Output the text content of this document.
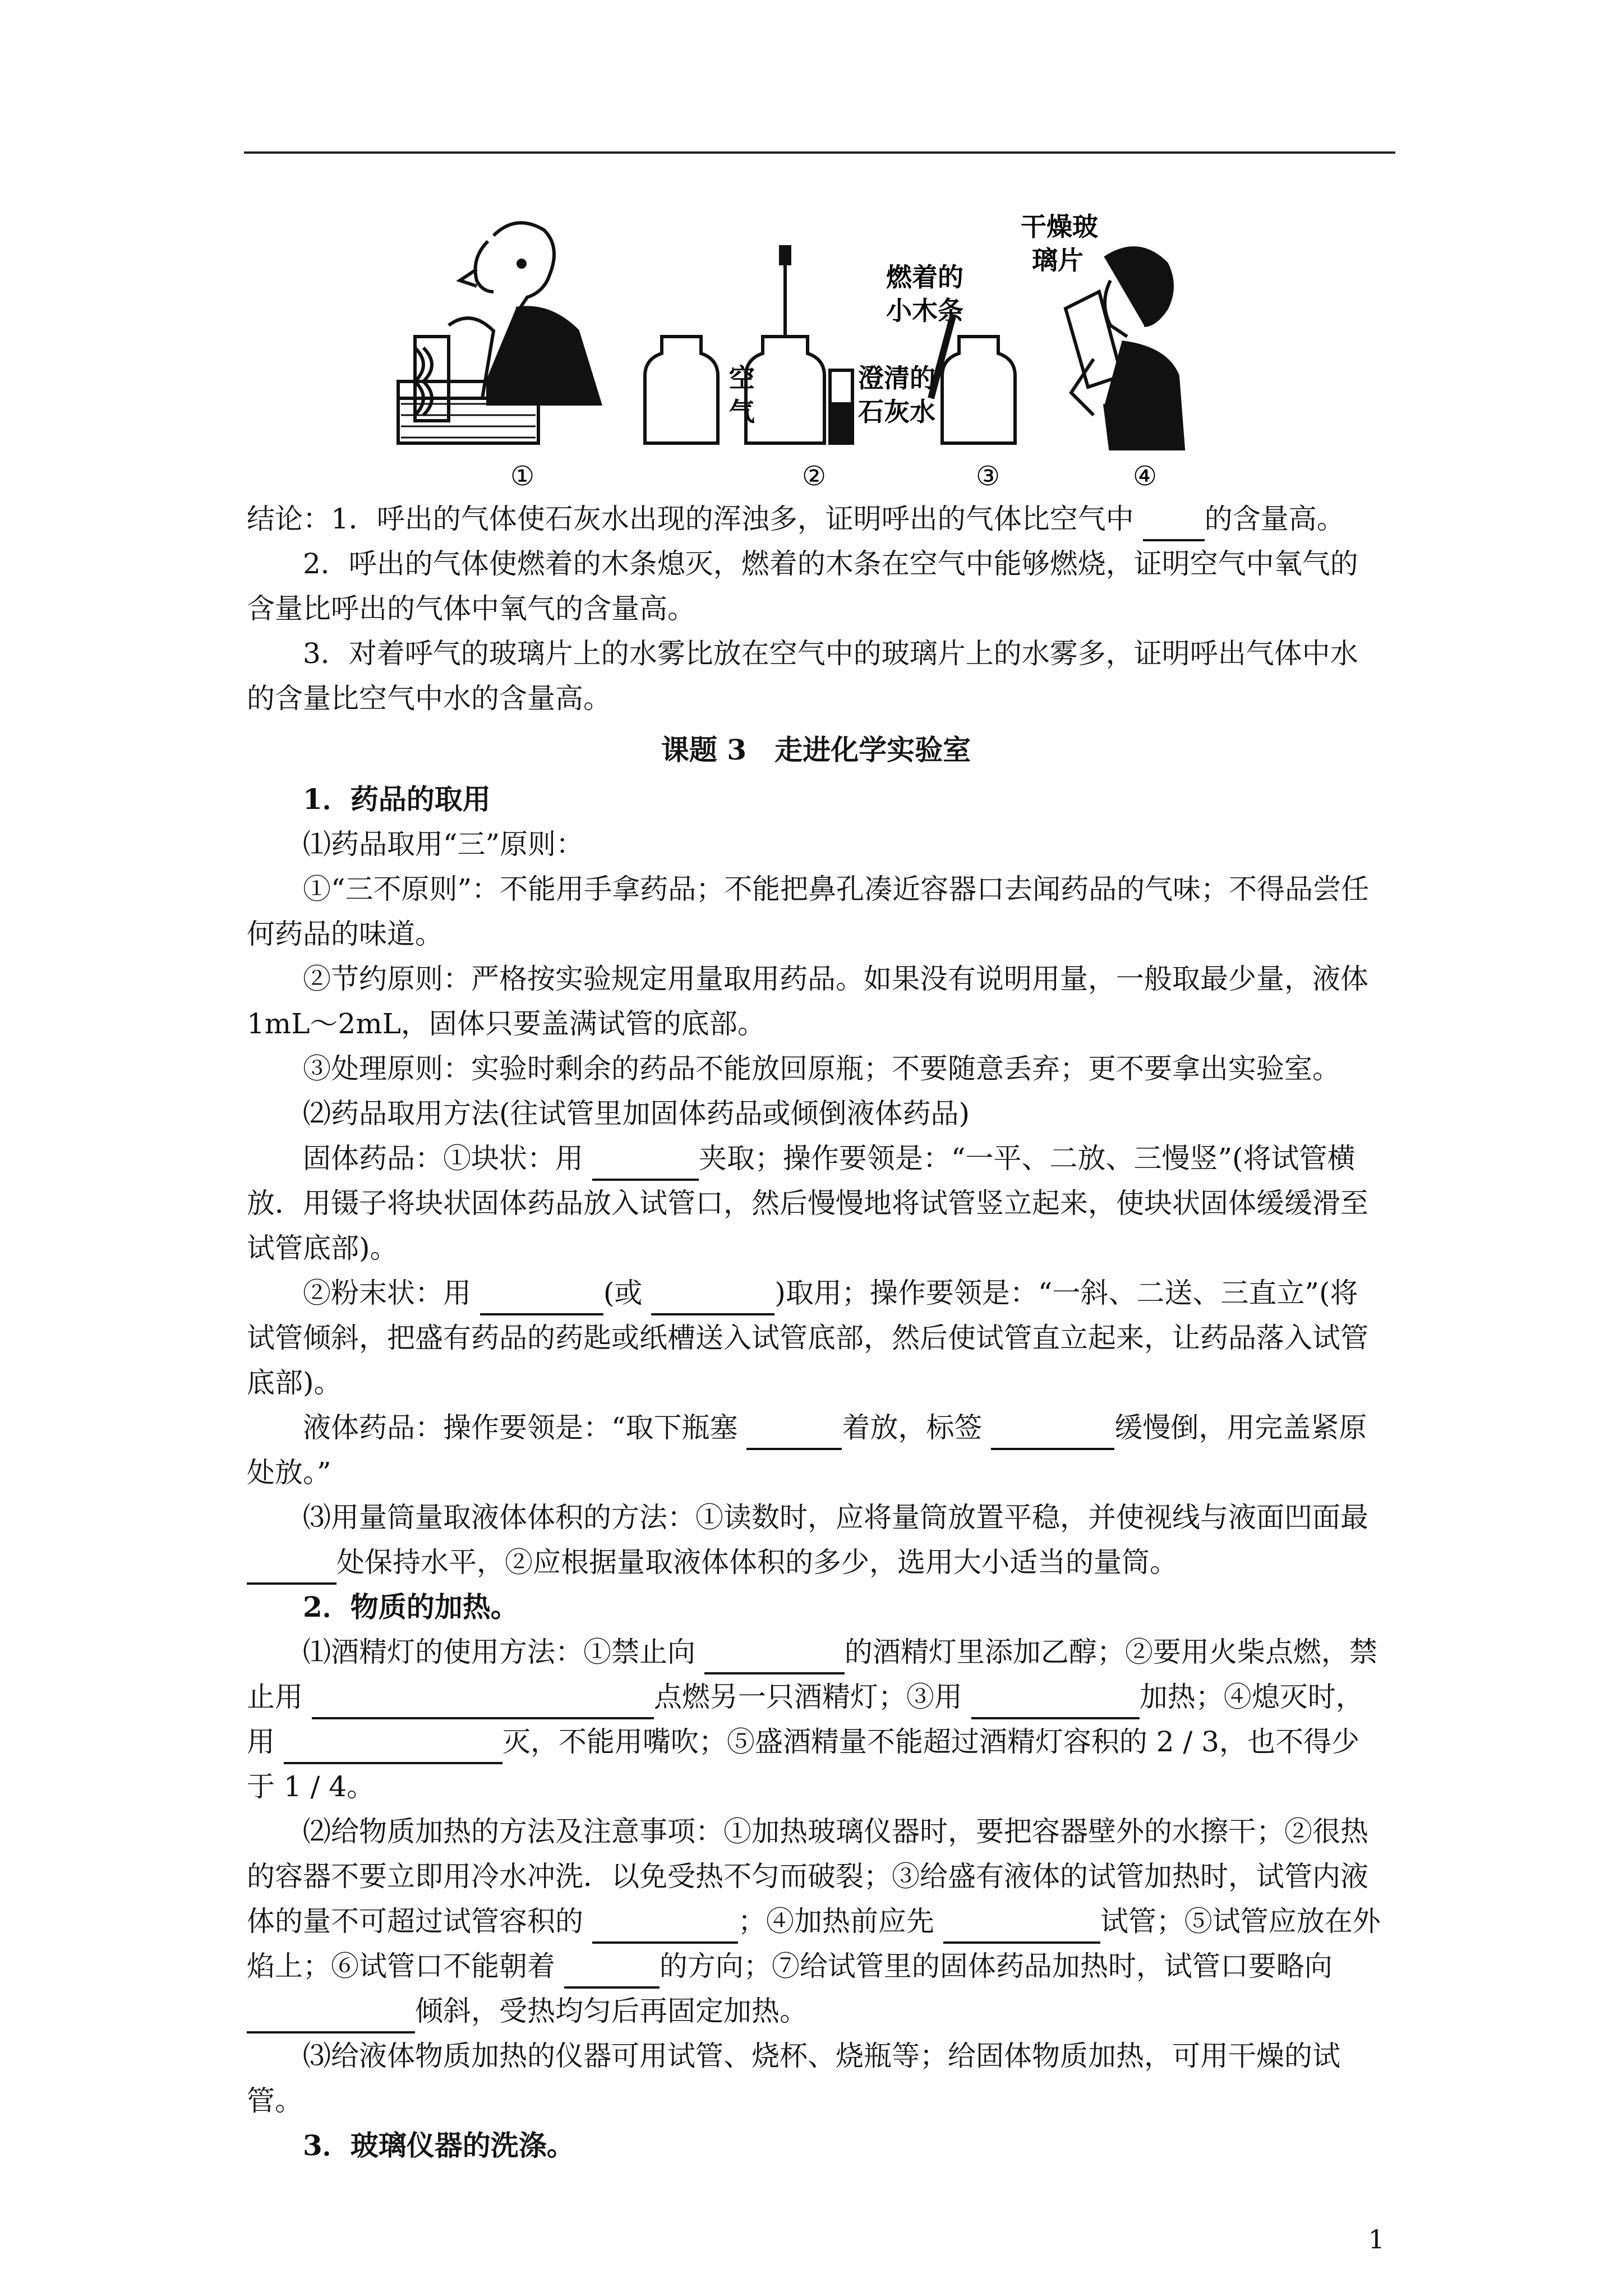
空
气
澄清的
石灰水
燃着的
小木条
干燥玻
璃片
①	②	③	④

结论：1．呼出的气体使石灰水出现的浑浊多，证明呼出的气体比空气中	的含量高。

2．呼出的气体使燃着的木条熄灭，燃着的木条在空气中能够燃烧，证明空气中氧气的含量比呼出的气体中氧气的含量高。

3．对着呼气的玻璃片上的水雾比放在空气中的玻璃片上的水雾多，证明呼出气体中水的含量比空气中水的含量高。

课题 3　走进化学实验室

1．药品的取用

⑴药品取用“三”原则：

①“三不原则”：不能用手拿药品；不能把鼻孔凑近容器口去闻药品的气味；不得品尝任何药品的味道。

②节约原则：严格按实验规定用量取用药品。如果没有说明用量，一般取最少量，液体1mL～2mL，固体只要盖满试管的底部。

③处理原则：实验时剩余的药品不能放回原瓶；不要随意丢弃；更不要拿出实验室。

⑵药品取用方法(往试管里加固体药品或倾倒液体药品)

固体药品：①块状：用	夹取；操作要领是：“一平、二放、三慢竖”(将试管横放．用镊子将块状固体药品放入试管口，然后慢慢地将试管竖立起来，使块状固体缓缓滑至试管底部)。

②粉末状：用	(或	)取用；操作要领是：“一斜、二送、三直立”(将试管倾斜，把盛有药品的药匙或纸槽送入试管底部，然后使试管直立起来，让药品落入试管底部)。

液体药品：操作要领是：“取下瓶塞	着放，标签	缓慢倒，用完盖紧原处放。”

⑶用量筒量取液体体积的方法：①读数时，应将量筒放置平稳，并使视线与液面凹面最 处保持水平，②应根据量取液体体积的多少，选用大小适当的量筒。

2．物质的加热。

⑴酒精灯的使用方法：①禁止向	的酒精灯里添加乙醇；②要用火柴点燃，禁止用	点燃另一只酒精灯；③用	加热；④熄灭时，用	灭，不能用嘴吹；⑤盛酒精量不能超过酒精灯容积的 2 / 3，也不得少于 1 / 4。

⑵给物质加热的方法及注意事项：①加热玻璃仪器时，要把容器壁外的水擦干；②很热的容器不要立即用冷水冲洗．以免受热不匀而破裂；③给盛有液体的试管加热时，试管内液体的量不可超过试管容积的	；④加热前应先	试管；⑤试管应放在外焰上；⑥试管口不能朝着	的方向；⑦给试管里的固体药品加热时，试管口要略向 倾斜，受热均匀后再固定加热。

⑶给液体物质加热的仪器可用试管、烧杯、烧瓶等；给固体物质加热，可用干燥的试管。

3．玻璃仪器的洗涤。

1
